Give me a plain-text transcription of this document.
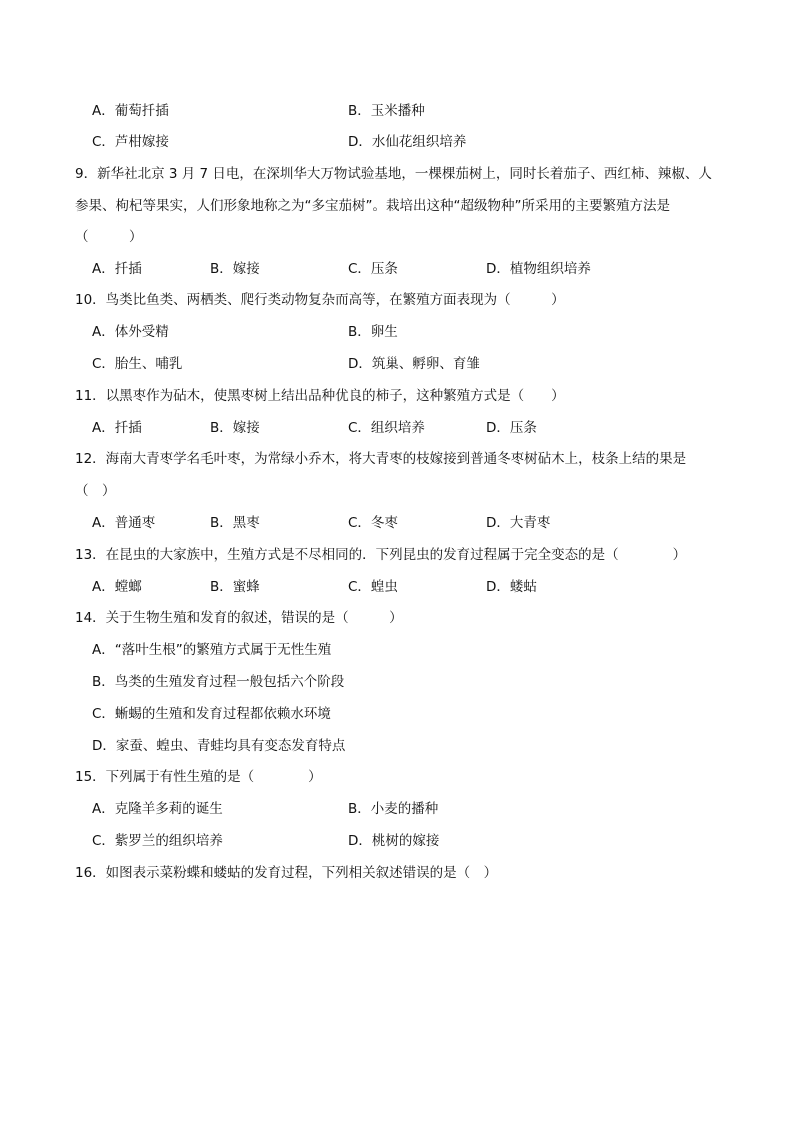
A．葡萄扦插	B．玉米播种
C．芦柑嫁接	D．水仙花组织培养
9．新华社北京 3 月 7 日电，在深圳华大万物试验基地，一棵棵茄树上，同时长着茄子、西红柿、辣椒、人
参果、枸杞等果实，人们形象地称之为“多宝茄树”。栽培出这种“超级物种”所采用的主要繁殖方法是
（　　　）
A．扦插	B．嫁接	C．压条	D．植物组织培养
10．鸟类比鱼类、两栖类、爬行类动物复杂而高等，在繁殖方面表现为（　　　）
A．体外受精	B．卵生
C．胎生、哺乳	D．筑巢、孵卵、育雏
11．以黑枣作为砧木，使黑枣树上结出品种优良的柿子，这种繁殖方式是（　　）
A．扦插	B．嫁接	C．组织培养	D．压条
12．海南大青枣学名毛叶枣，为常绿小乔木，将大青枣的枝嫁接到普通冬枣树砧木上，枝条上结的果是
（　）
A．普通枣	B．黑枣	C．冬枣	D．大青枣
13．在昆虫的大家族中，生殖方式是不尽相同的．下列昆虫的发育过程属于完全变态的是（　　　　）
A．螳螂	B．蜜蜂	C．蝗虫	D．蝼蛄
14．关于生物生殖和发育的叙述，错误的是（　　　）
A．“落叶生根”的繁殖方式属于无性生殖
B．鸟类的生殖发育过程一般包括六个阶段
C．蜥蜴的生殖和发育过程都依赖水环境
D．家蚕、蝗虫、青蛙均具有变态发育特点
15．下列属于有性生殖的是（　　　　）
A．克隆羊多莉的诞生	B．小麦的播种
C．紫罗兰的组织培养	D．桃树的嫁接
16．如图表示菜粉蝶和蝼蛄的发育过程，下列相关叙述错误的是（　）
